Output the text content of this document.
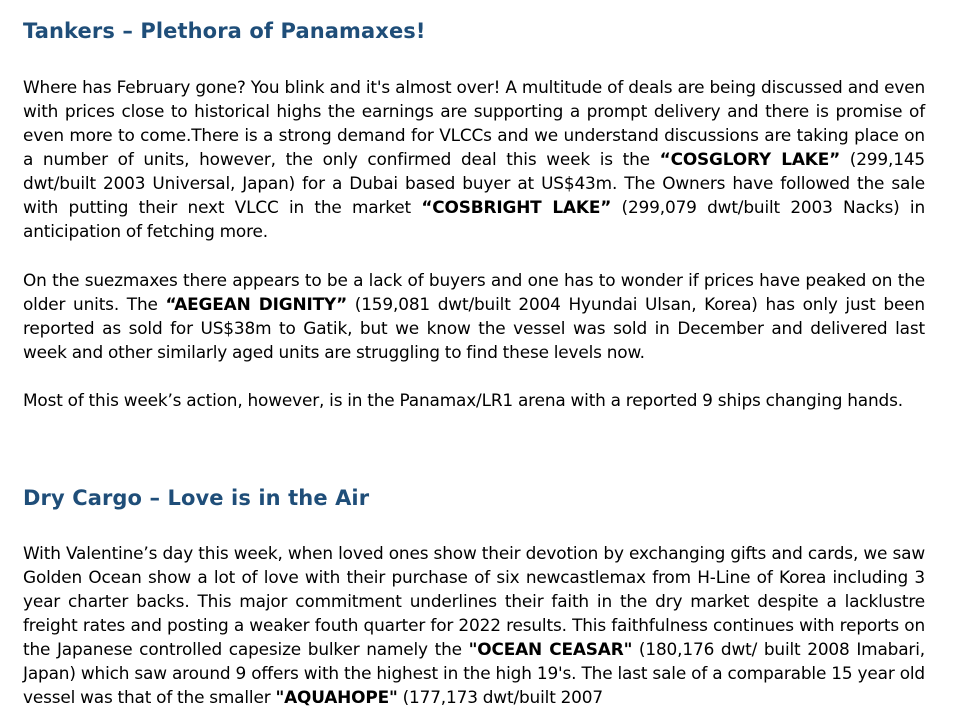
Tankers – Plethora of Panamaxes!

Where has February gone? You blink and it's almost over! A multitude of deals are being discussed and even with prices close to historical highs the earnings are supporting a prompt delivery and there is promise of even more to come.There is a strong demand for VLCCs and we understand discussions are taking place on a number of units, however, the only confirmed deal this week is the “COSGLORY LAKE” (299,145 dwt/built 2003 Universal, Japan) for a Dubai based buyer at US$43m. The Owners have followed the sale with putting their next VLCC in the market “COSBRIGHT LAKE” (299,079 dwt/built 2003 Nacks) in anticipation of fetching more.

On the suezmaxes there appears to be a lack of buyers and one has to wonder if prices have peaked on the older units. The “AEGEAN DIGNITY” (159,081 dwt/built 2004 Hyundai Ulsan, Korea) has only just been reported as sold for US$38m to Gatik, but we know the vessel was sold in December and delivered last week and other similarly aged units are struggling to find these levels now.

Most of this week’s action, however, is in the Panamax/LR1 arena with a reported 9 ships changing hands.

Dry Cargo – Love is in the Air

With Valentine’s day this week, when loved ones show their devotion by exchanging gifts and cards, we saw Golden Ocean show a lot of love with their purchase of six newcastlemax from H-Line of Korea including 3 year charter backs. This major commitment underlines their faith in the dry market despite a lacklustre freight rates and posting a weaker fouth quarter for 2022 results. This faithfulness continues with reports on the Japanese controlled capesize bulker namely the "OCEAN CEASAR" (180,176 dwt/ built 2008 Imabari, Japan) which saw around 9 offers with the highest in the high 19's. The last sale of a comparable 15 year old vessel was that of the smaller "AQUAHOPE" (177,173 dwt/built 2007
